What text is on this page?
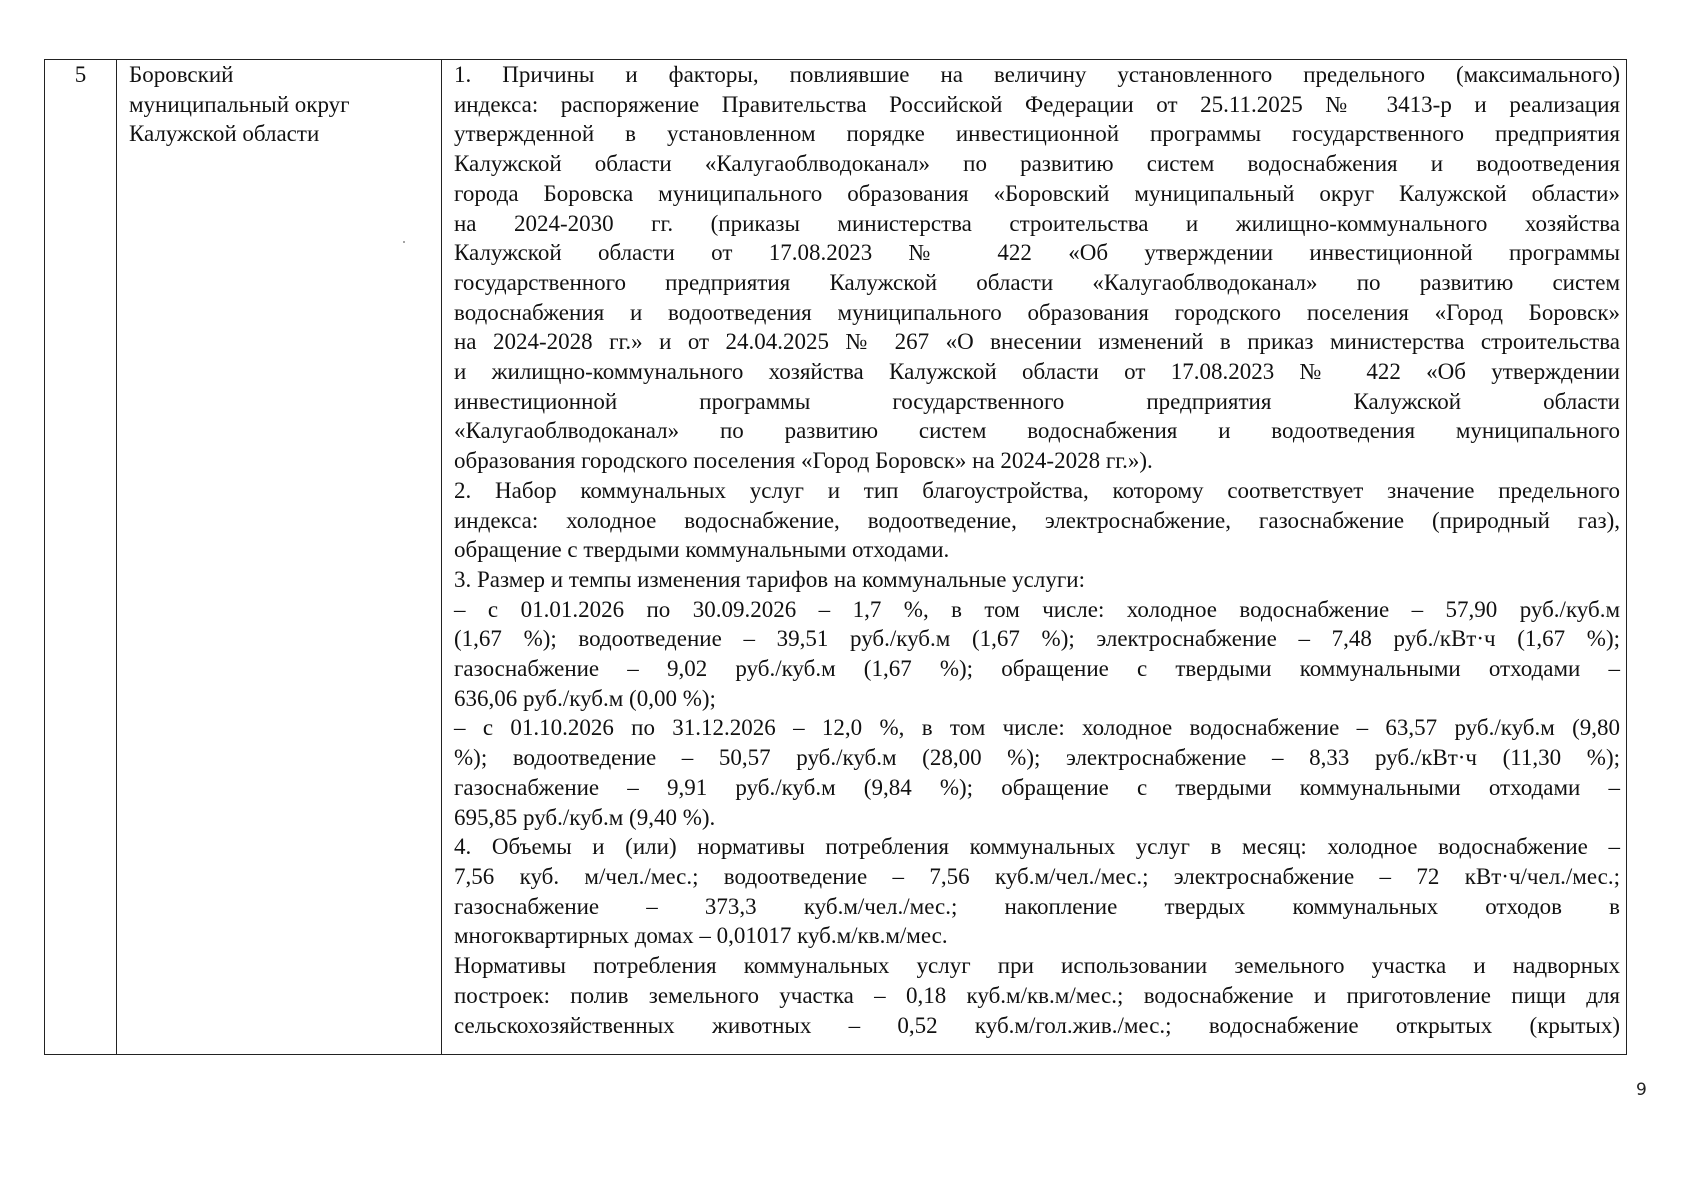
5	Боровский
муниципальный округ
Калужской области
1. Причины и факторы, повлиявшие на величину установленного предельного (максимального)
индекса: распоряжение Правительства Российской Федерации от 25.11.2025 № 3413-р и реализация
утвержденной в установленном порядке инвестиционной программы государственного предприятия
Калужской области «Калугаоблводоканал» по развитию систем водоснабжения и водоотведения
города Боровска муниципального образования «Боровский муниципальный округ Калужской области»
на 2024-2030 гг. (приказы министерства строительства и жилищно-коммунального хозяйства
Калужской области от 17.08.2023 № 422 «Об утверждении инвестиционной программы
государственного предприятия Калужской области «Калугаоблводоканал» по развитию систем
водоснабжения и водоотведения муниципального образования городского поселения «Город Боровск»
на 2024-2028 гг.» и от 24.04.2025 № 267 «О внесении изменений в приказ министерства строительства
и жилищно-коммунального хозяйства Калужской области от 17.08.2023 № 422 «Об утверждении
инвестиционной программы государственного предприятия Калужской области
«Калугаоблводоканал» по развитию систем водоснабжения и водоотведения муниципального
образования городского поселения «Город Боровск» на 2024-2028 гг.»).
2. Набор коммунальных услуг и тип благоустройства, которому соответствует значение предельного
индекса: холодное водоснабжение, водоотведение, электроснабжение, газоснабжение (природный газ),
обращение с твердыми коммунальными отходами.
3. Размер и темпы изменения тарифов на коммунальные услуги:
– с 01.01.2026 по 30.09.2026 – 1,7 %, в том числе: холодное водоснабжение – 57,90 руб./куб.м
(1,67 %); водоотведение – 39,51 руб./куб.м (1,67 %); электроснабжение – 7,48 руб./кВт·ч (1,67 %);
газоснабжение – 9,02 руб./куб.м (1,67 %); обращение с твердыми коммунальными отходами –
636,06 руб./куб.м (0,00 %);
– с 01.10.2026 по 31.12.2026 – 12,0 %, в том числе: холодное водоснабжение – 63,57 руб./куб.м (9,80
%); водоотведение – 50,57 руб./куб.м (28,00 %); электроснабжение – 8,33 руб./кВт·ч (11,30 %);
газоснабжение – 9,91 руб./куб.м (9,84 %); обращение с твердыми коммунальными отходами –
695,85 руб./куб.м (9,40 %).
4. Объемы и (или) нормативы потребления коммунальных услуг в месяц: холодное водоснабжение –
7,56 куб. м/чел./мес.; водоотведение – 7,56 куб.м/чел./мес.; электроснабжение – 72 кВт·ч/чел./мес.;
газоснабжение – 373,3 куб.м/чел./мес.; накопление твердых коммунальных отходов в
многоквартирных домах – 0,01017 куб.м/кв.м/мес.
Нормативы потребления коммунальных услуг при использовании земельного участка и надворных
построек: полив земельного участка – 0,18 куб.м/кв.м/мес.; водоснабжение и приготовление пищи для
сельскохозяйственных животных – 0,52 куб.м/гол.жив./мес.; водоснабжение открытых (крытых)
9
